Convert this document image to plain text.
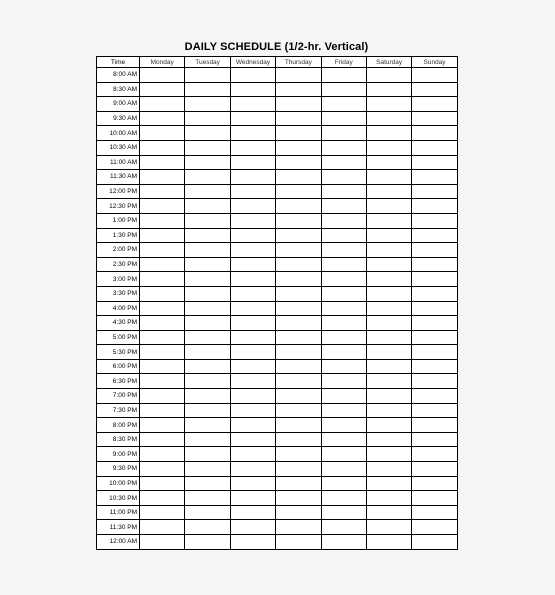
DAILY SCHEDULE (1/2-hr. Vertical)
Time	Monday	Tuesday	Wednesday	Thursday	Friday	Saturday	Sunday
8:00 AM							
8:30 AM							
9:00 AM							
9:30 AM							
10:00 AM							
10:30 AM							
11:00 AM							
11:30 AM							
12:00 PM							
12:30 PM							
1:00 PM							
1:30 PM							
2:00 PM							
2:30 PM							
3:00 PM							
3:30 PM							
4:00 PM							
4:30 PM							
5:00 PM							
5:30 PM							
6:00 PM							
6:30 PM							
7:00 PM							
7:30 PM							
8:00 PM							
8:30 PM							
9:00 PM							
9:30 PM							
10:00 PM							
10:30 PM							
11:00 PM							
11:30 PM							
12:00 AM							
